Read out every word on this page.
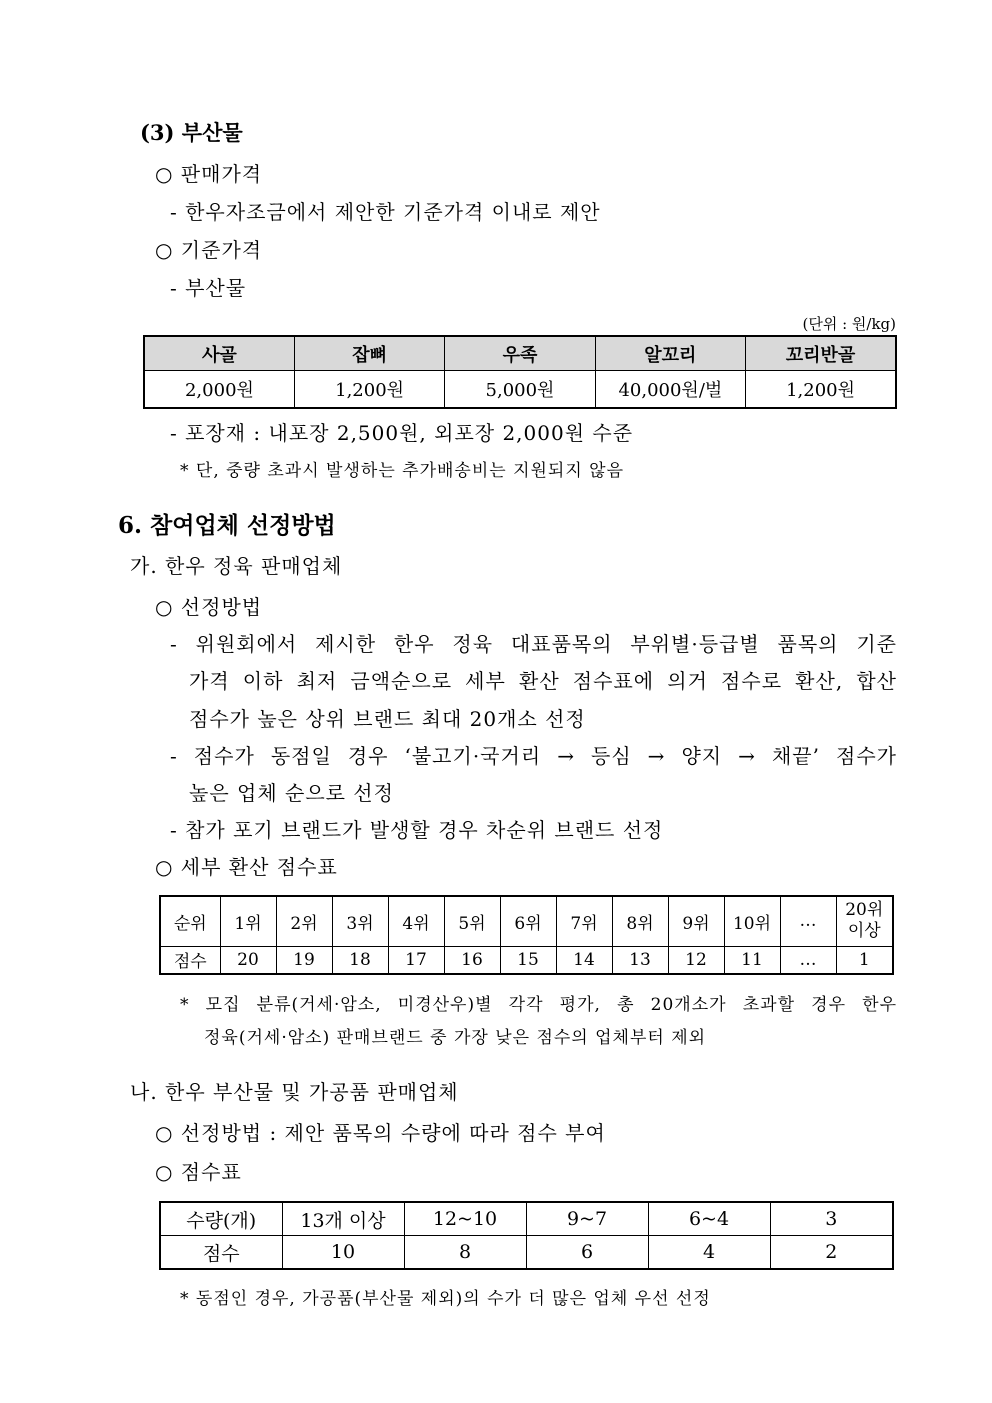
(3) 부산물
○ 판매가격
- 한우자조금에서 제안한 기준가격 이내로 제안
○ 기준가격
- 부산물
(단위 : 원/kg)
사골	잡뼈	우족	알꼬리	꼬리반골
2,000원	1,200원	5,000원	40,000원/벌	1,200원
- 포장재 : 내포장 2,500원, 외포장 2,000원 수준
* 단, 중량 초과시 발생하는 추가배송비는 지원되지 않음
6. 참여업체 선정방법
가. 한우 정육 판매업체
○ 선정방법
- 위원회에서 제시한 한우 정육 대표품목의 부위별·등급별 품목의 기준
가격 이하 최저 금액순으로 세부 환산 점수표에 의거 점수로 환산, 합산
점수가 높은 상위 브랜드 최대 20개소 선정
- 점수가 동점일 경우 ‘불고기·국거리 → 등심 → 양지 → 채끝’ 점수가
높은 업체 순으로 선정
- 참가 포기 브랜드가 발생할 경우 차순위 브랜드 선정
○ 세부 환산 점수표
순위	1위	2위	3위	4위	5위	6위	7위	8위	9위	10위	…	20위
이상

점수	20	19	18	17	16	15	14	13	12	11	…	1
* 모집 분류(거세·암소, 미경산우)별 각각 평가, 총 20개소가 초과할 경우 한우
정육(거세·암소) 판매브랜드 중 가장 낮은 점수의 업체부터 제외
나. 한우 부산물 및 가공품 판매업체
○ 선정방법 : 제안 품목의 수량에 따라 점수 부여
○ 점수표
수량(개)	13개 이상	12~10	9~7	6~4	3
점수	10	8	6	4	2
* 동점인 경우, 가공품(부산물 제외)의 수가 더 많은 업체 우선 선정
